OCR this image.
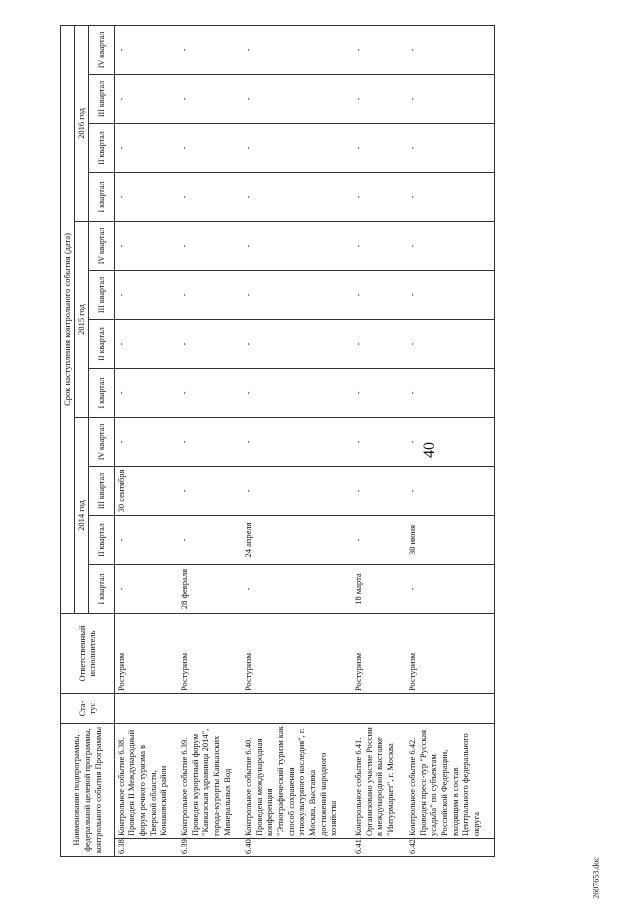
40
2607653.doc
Наименование подпрограммы, федеральной целевой программы, контрольного события Программы		Ста-тус	Ответственный исполнитель	Срок наступления контрольного события (дата)											
				2014 год				2015 год				2016 год			
				I квартал	II квартал	III квартал	IV квартал	I квартал	II квартал	III квартал	IV квартал	I квартал	II квартал	III квартал	IV квартал
6.38.	Контрольное событие 6.38. Проведен II Международный форум речного туризма в Тверской области, Конаковский район		Ростуризм	-	-	30 сентября	-	-	-	-	-	-	-	-	-
6.39.	Контрольное событие 6.39. Проведен курортный форум "Кавказская здравница 2014", города-курорты Кавказских Минеральных Вод		Ростуризм	28 февраля	-	-	-	-	-	-	-	-	-	-	-
6.40.	Контрольное событие 6.40. Проведена международная конференция "Этнографический туризм как способ сохранения этнокультурного наследия", г. Москва, Выставка достижений народного хозяйства		Ростуризм	-	24 апреля	-	-	-	-	-	-	-	-	-	-
6.41.	Контрольное событие 6.41. Организовано участие России в международной выставке "Интурмаркет", г. Москва		Ростуризм	18 марта	-	-	-	-	-	-	-	-	-	-	-
6.42.	Контрольное событие 6.42. Проведен пресс-тур "Русская усадьба" по субъектам Российской Федерации, входящим в состав Центрального федерального округа		Ростуризм	-	30 июня	-	-	-	-	-	-	-	-	-	-
